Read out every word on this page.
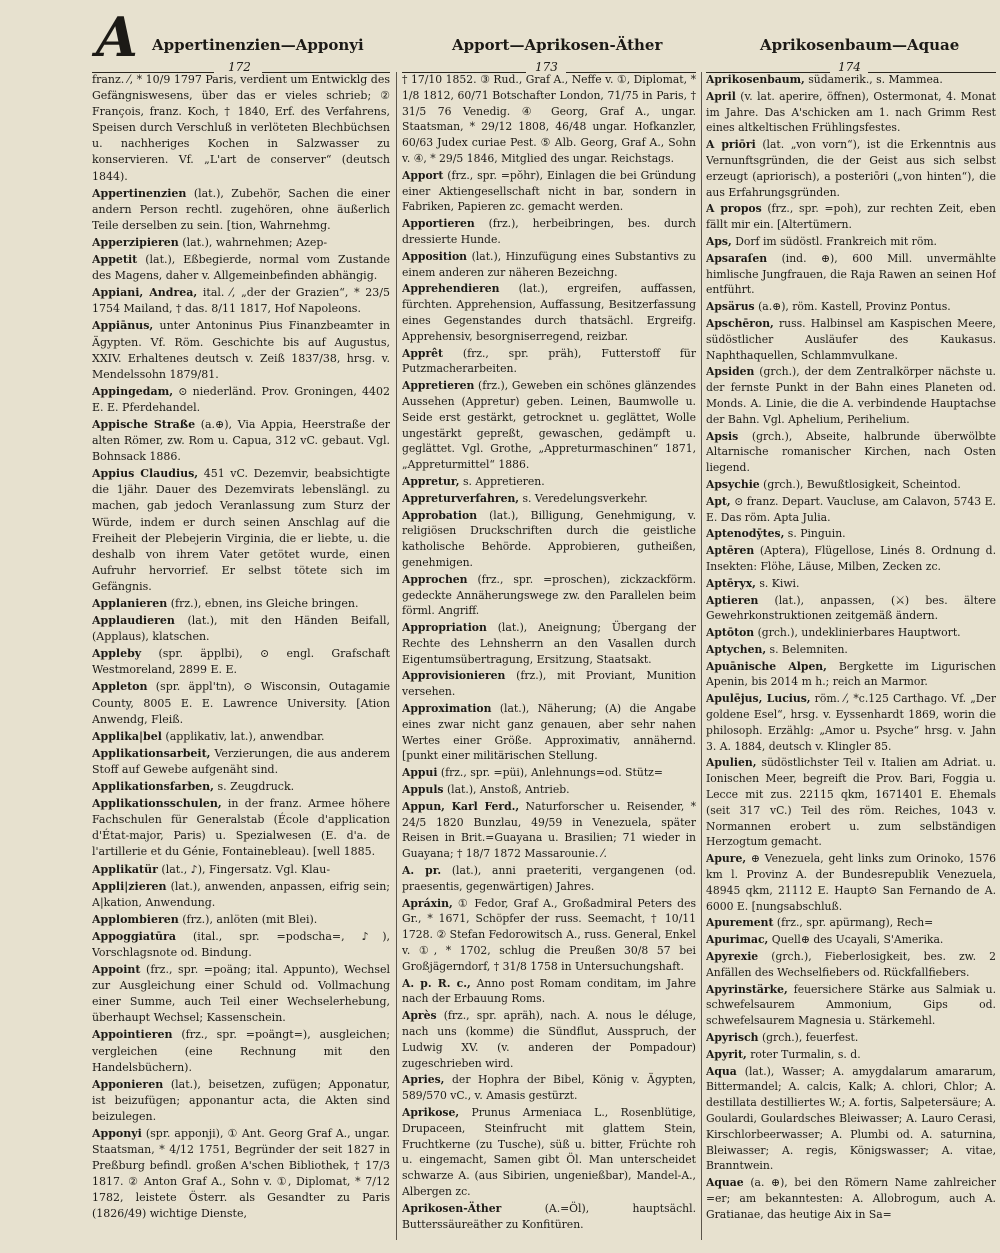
A Appertinenzien—Apponyi	Apport—Aprikosen-Äther	Aprikosenbaum—Aquae
172	173	174
franz. ⁄, * 10/9 1797 Paris, verdient um Entwicklg des Gefängniswesens, über das er vieles schrieb; ② François, franz. Koch, † 1840, Erf. des Verfahrens, Speisen durch Verschluß in verlöteten Blechbüchsen u. nachheriges Kochen in Salzwasser zu konservieren. Vf. „L'art de conserver“ (deutsch 1844).
Appertinenzien (lat.), Zubehör, Sachen die einer andern Person rechtl. zugehören, ohne äußerlich Teile derselben zu sein. [tion, Wahrnehmg.
Apperzipieren (lat.), wahrnehmen; Azep-
Appetit (lat.), Eßbegierde, normal vom Zustande des Magens, daher v. Allgemeinbefinden abhängig.
Appiani, Andrea, ital. ⁄, „der der Grazien“, * 23/5 1754 Mailand, † das. 8/11 1817, Hof Napoleons.
Appiānus, unter Antoninus Pius Finanzbeamter in Ägypten. Vf. Röm. Geschichte bis auf Augustus, XXIV. Erhaltenes deutsch v. Zeiß 1837/38, hrsg. v. Mendelssohn 1879/81.
Appingedam, ⊙ niederländ. Prov. Groningen, 4402 E. E. Pferdehandel.
Appische Straße (a.⊕), Via Appia, Heerstraße der alten Römer, zw. Rom u. Capua, 312 vC. gebaut. Vgl. Bohnsack 1886.
Appius Claudius, 451 vC. Dezemvir, beabsichtigte die 1jähr. Dauer des Dezemvirats lebenslängl. zu machen, gab jedoch Veranlassung zum Sturz der Würde, indem er durch seinen Anschlag auf die Freiheit der Plebejerin Virginia, die er liebte, u. die deshalb von ihrem Vater getötet wurde, einen Aufruhr hervorrief. Er selbst tötete sich im Gefängnis.
Applanieren (frz.), ebnen, ins Gleiche bringen.
Applaudieren (lat.), mit den Händen Beifall, (Applaus), klatschen.
Appleby (spr. äpplbi), ⊙ engl. Grafschaft Westmoreland, 2899 E. E.
Appleton (spr. äppl'tn), ⊙ Wisconsin, Outagamie County, 8005 E. E. Lawrence University. [Ation Anwendg, Fleiß.
Applika|bel (applikativ, lat.), anwendbar.
Applikationsarbeit, Verzierungen, die aus anderem Stoff auf Gewebe aufgenäht sind.
Applikationsfarben, s. Zeugdruck.
Applikationsschulen, in der franz. Armee höhere Fachschulen für Generalstab (École d'application d'État-major, Paris) u. Spezialwesen (E. d'a. de l'artillerie et du Génie, Fontainebleau). [well 1885.
Applikatür (lat., ♪), Fingersatz. Vgl. Klau-
Appli|zieren (lat.), anwenden, anpassen, eifrig sein; A|kation, Anwendung.
Applombieren (frz.), anlöten (mit Blei).
Appoggiatūra (ital., spr. =podscha=, ♪), Vorschlagsnote od. Bindung.
Appoint (frz., spr. =poäng; ital. Appunto), Wechsel zur Ausgleichung einer Schuld od. Vollmachung einer Summe, auch Teil einer Wechselerhebung, überhaupt Wechsel; Kassenschein.
Appointieren (frz., spr. =poängt=), ausgleichen; vergleichen (eine Rechnung mit den Handelsbüchern).
Apponieren (lat.), beisetzen, zufügen; Apponatur, ist beizufügen; apponantur acta, die Akten sind beizulegen.
Apponyi (spr. apponji), ① Ant. Georg Graf A., ungar. Staatsman, * 4/12 1751, Begründer der seit 1827 in Preßburg befindl. großen A'schen Bibliothek, † 17/3 1817. ② Anton Graf A., Sohn v. ①, Diplomat, * 7/12 1782, leistete Österr. als Gesandter zu Paris (1826/49) wichtige Dienste,
† 17/10 1852. ③ Rud., Graf A., Neffe v. ①, Diplomat, * 1/8 1812, 60/71 Botschafter London, 71/75 in Paris, † 31/5 76 Venedig. ④ Georg, Graf A., ungar. Staatsman, * 29/12 1808, 46/48 ungar. Hofkanzler, 60/63 Judex curiae Pest. ⑤ Alb. Georg, Graf A., Sohn v. ④, * 29/5 1846, Mitglied des ungar. Reichstags.
Apport (frz., spr. =pŏhr), Einlagen die bei Gründung einer Aktiengesellschaft nicht in bar, sondern in Fabriken, Papieren zc. gemacht werden.
Apportieren (frz.), herbeibringen, bes. durch dressierte Hunde.
Apposition (lat.), Hinzufügung eines Substantivs zu einem anderen zur näheren Bezeichng.
Apprehendieren (lat.), ergreifen, auffassen, fürchten. Apprehension, Auffassung, Besitzerfassung eines Gegenstandes durch thatsächl. Ergreifg. Apprehensiv, besorgniserregend, reizbar.
Apprêt (frz., spr. präh), Futterstoff für Putzmacherarbeiten.
Appretieren (frz.), Geweben ein schönes glänzendes Aussehen (Appretur) geben. Leinen, Baumwolle u. Seide erst gestärkt, getrocknet u. geglättet, Wolle ungestärkt gepreßt, gewaschen, gedämpft u. geglättet. Vgl. Grothe, „Appreturmaschinen“ 1871, „Appreturmittel“ 1886.
Appretur, s. Appretieren.
Appreturverfahren, s. Veredelungsverkehr.
Approbation (lat.), Billigung, Genehmigung, v. religiösen Druckschriften durch die geistliche katholische Behörde. Approbieren, gutheißen, genehmigen.
Approchen (frz., spr. =proschen), zickzackförm. gedeckte Annäherungswege zw. den Parallelen beim förml. Angriff.
Appropriation (lat.), Aneignung; Übergang der Rechte des Lehnsherrn an den Vasallen durch Eigentumsübertragung, Ersitzung, Staatsakt.
Approvisionieren (frz.), mit Proviant, Munition versehen.
Approximation (lat.), Näherung; (A) die Angabe eines zwar nicht ganz genauen, aber sehr nahen Wertes einer Größe. Approximativ, annähernd. [punkt einer militärischen Stellung.
Appui (frz., spr. =püi), Anlehnungs=od. Stütz=
Appuls (lat.), Anstoß, Antrieb.
Appun, Karl Ferd., Naturforscher u. Reisender, * 24/5 1820 Bunzlau, 49/59 in Venezuela, später Reisen in Brit.=Guayana u. Brasilien; 71 wieder in Guayana; † 18/7 1872 Massarounie. ⁄.
A. pr. (lat.), anni praeteriti, vergangenen (od. praesentis, gegenwärtigen) Jahres.
Apráxin, ① Fedor, Graf A., Großadmiral Peters des Gr., * 1671, Schöpfer der russ. Seemacht, † 10/11 1728. ② Stefan Fedorowitsch A., russ. General, Enkel v. ①, * 1702, schlug die Preußen 30/8 57 bei Großjägerndorf, † 31/8 1758 in Untersuchungshaft.
A. p. R. c., Anno post Romam conditam, im Jahre nach der Erbauung Roms.
Après (frz., spr. apräh), nach. A. nous le déluge, nach uns (komme) die Sündflut, Ausspruch, der Ludwig XV. (v. anderen der Pompadour) zugeschrieben wird.
Apries, der Hophra der Bibel, König v. Ägypten, 589/570 vC., v. Amasis gestürzt.
Aprikose, Prunus Armeniaca L., Rosenblütige, Drupaceen, Steinfrucht mit glattem Stein, Fruchtkerne (zu Tusche), süß u. bitter, Früchte roh u. eingemacht, Samen gibt Öl. Man unterscheidet schwarze A. (aus Sibirien, ungenießbar), Mandel-A., Albergen zc.
Aprikosen-Äther	(A.=Öl), hauptsächl. Butterssäureäther zu Konfitüren.
Aprikosenbaum, südamerik., s. Mammea.
April (v. lat. aperire, öffnen), Ostermonat, 4. Monat im Jahre. Das A'schicken am 1. nach Grimm Rest eines altkeltischen Frühlingsfestes.
A priōri (lat. „von vorn“), ist die Erkenntnis aus Vernunftsgründen, die der Geist aus sich selbst erzeugt (apriorisch), a posteriōri („von hinten“), die aus Erfahrungsgründen.
A propos (frz., spr. =poh), zur rechten Zeit, eben fällt mir ein. [Altertümern.
Aps, Dorf im südöstl. Frankreich mit röm.
Apsaraſen (ind. ⊕), 600 Mill. unvermählte himlische Jungfrauen, die Raja Rawen an seinen Hof entführt.
Apsärus (a.⊕), röm. Kastell, Provinz Pontus.
Apschēron, russ. Halbinsel am Kaspischen Meere, südöstlicher Ausläufer des Kaukasus. Naphthaquellen, Schlammvulkane.
Apsiden (grch.), der dem Zentralkörper nächste u. der fernste Punkt in der Bahn eines Planeten od. Monds. A. Linie, die die A. verbindende Hauptachse der Bahn. Vgl. Aphelium, Perihelium.
Apsis (grch.), Abseite, halbrunde überwölbte Altarnische romanischer Kirchen, nach Osten liegend.
Apsychie (grch.), Bewußtlosigkeit, Scheintod.
Apt, ⊙ franz. Depart. Vaucluse, am Calavon, 5743 E. E. Das röm. Apta Julia.
Aptenodȳtes, s. Pinguin.
Aptēren (Aptera), Flügellose, Linés 8. Ordnung d. Insekten: Flöhe, Läuse, Milben, Zecken zc.
Aptēryx, s. Kiwi.
Aptieren (lat.), anpassen, (⚔) bes. ältere Gewehrkonstruktionen zeitgemäß ändern.
Aptōton (grch.), undeklinierbares Hauptwort.
Aptychen, s. Belemniten.
Apuānische Alpen, Bergkette im Ligurischen Apenin, bis 2014 m h.; reich an Marmor.
Apulējus, Lucius, röm. ⁄, *c.125 Carthago. Vf. „Der goldene Esel“, hrsg. v. Eyssenhardt 1869, worin die philosoph. Erzählg: „Amor u. Psyche“ hrsg. v. Jahn 3. A. 1884, deutsch v. Klingler 85.
Apulien, südöstlichster Teil v. Italien am Adriat. u. Ionischen Meer, begreift die Prov. Bari, Foggia u. Lecce mit zus. 22115 qkm, 1671401 E. Ehemals (seit 317 vC.) Teil des röm. Reiches, 1043 v. Normannen erobert u. zum selbständigen Herzogtum gemacht.
Apure, ⊕ Venezuela, geht links zum Orinoko, 1576 km l. Provinz A. der Bundesrepublik Venezuela, 48945 qkm, 21112 E. Haupt⊙ San Fernando de A. 6000 E. [nungsabschluß.
Apurement (frz., spr. apürmang), Rech=
Apurimac, Quell⊕ des Ucayali, S'Amerika.
Apyrexie (grch.), Fieberlosigkeit, bes. zw. 2 Anfällen des Wechselfiebers od. Rückfallfiebers.
Apyrinstärke, feuersichere Stärke aus Salmiak u. schwefelsaurem Ammonium, Gips od. schwefelsaurem Magnesia u. Stärkemehl.
Apyrisch (grch.), feuerfest.
Apyrit, roter Turmalin, s. d.
Aqua (lat.), Wasser; A. amygdalarum amararum, Bittermandel; A. calcis, Kalk; A. chlori, Chlor; A. destillata destilliertes W.; A. fortis, Salpetersäure; A. Goulardi, Goulardsches Bleiwasser; A. Lauro Cerasi, Kirschlorbeerwasser; A. Plumbi od. A. saturnina, Bleiwasser; A. regis, Königswasser; A. vitae, Branntwein.
Aquae (a. ⊕), bei den Römern Name zahlreicher =er; am bekanntesten: A. Allobrogum, auch A. Gratianae, das heutige Aix in Sa=
